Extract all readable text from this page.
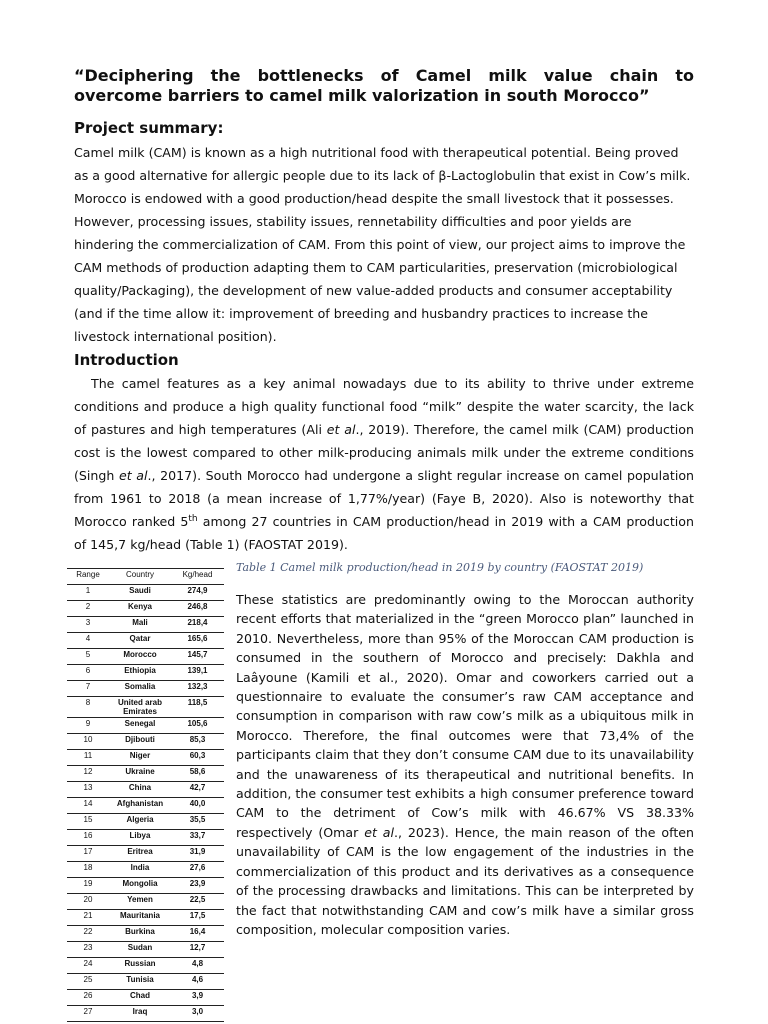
“Deciphering the bottlenecks of Camel milk value chain to overcome barriers to camel milk valorization in south Morocco”
Project summary:

Camel milk (CAM) is known as a high nutritional food with therapeutical potential. Being proved as a good alternative for allergic people due to its lack of β-Lactoglobulin that exist in Cow’s milk. Morocco is endowed with a good production/head despite the small livestock that it possesses. However, processing issues, stability issues, rennetability difficulties and poor yields are hindering the commercialization of CAM. From this point of view, our project aims to improve the CAM methods of production adapting them to CAM particularities, preservation (microbiological quality/Packaging), the development of new value-added products and consumer acceptability (and if the time allow it: improvement of breeding and husbandry practices to increase the livestock international position).

Introduction

The camel features as a key animal nowadays due to its ability to thrive under extreme conditions and produce a high quality functional food “milk” despite the water scarcity, the lack of pastures and high temperatures (Ali et al., 2019). Therefore, the camel milk (CAM) production cost is the lowest compared to other milk-producing animals milk under the extreme conditions (Singh et al., 2017). South Morocco had undergone a slight regular increase on camel population from 1961 to 2018 (a mean increase of 1,77%/year) (Faye B, 2020). Also is noteworthy that Morocco ranked 5th among 27 countries in CAM production/head in 2019 with a CAM production of 145,7 kg/head (Table 1) (FAOSTAT 2019).

Range	Country	Kg/head
1	Saudi	274,9
2	Kenya	246,8
3	Mali	218,4
4	Qatar	165,6
5	Morocco	145,7
6	Ethiopia	139,1
7	Somalia	132,3
8	United arab Emirates	118,5
9	Senegal	105,6
10	Djibouti	85,3
11	Niger	60,3
12	Ukraine	58,6
13	China	42,7
14	Afghanistan	40,0
15	Algeria	35,5
16	Libya	33,7
17	Eritrea	31,9
18	India	27,6
19	Mongolia	23,9
20	Yemen	22,5
21	Mauritania	17,5
22	Burkina	16,4
23	Sudan	12,7
24	Russian	4,8
25	Tunisia	4,6
26	Chad	3,9
27	Iraq	3,0
Table 1 Camel milk production/head in 2019 by country (FAOSTAT 2019)

These statistics are predominantly owing to the Moroccan authority recent efforts that materialized in the “green Morocco plan” launched in 2010. Nevertheless, more than 95% of the Moroccan CAM production is consumed in the southern of Morocco and precisely: Dakhla and Laâyoune (Kamili et al., 2020). Omar and coworkers carried out a questionnaire to evaluate the consumer’s raw CAM acceptance and consumption in comparison with raw cow’s milk as a ubiquitous milk in Morocco. Therefore, the final outcomes were that 73,4% of the participants claim that they don’t consume CAM due to its unavailability and the unawareness of its therapeutical and nutritional benefits. In addition, the consumer test exhibits a high consumer preference toward CAM to the detriment of Cow’s milk with 46.67% VS 38.33% respectively (Omar et al., 2023). Hence, the main reason of the often unavailability of CAM is the low engagement of the industries in the commercialization of this product and its derivatives as a consequence of the processing drawbacks and limitations. This can be interpreted by the fact that notwithstanding CAM and cow’s milk have a similar gross composition, molecular composition varies.
